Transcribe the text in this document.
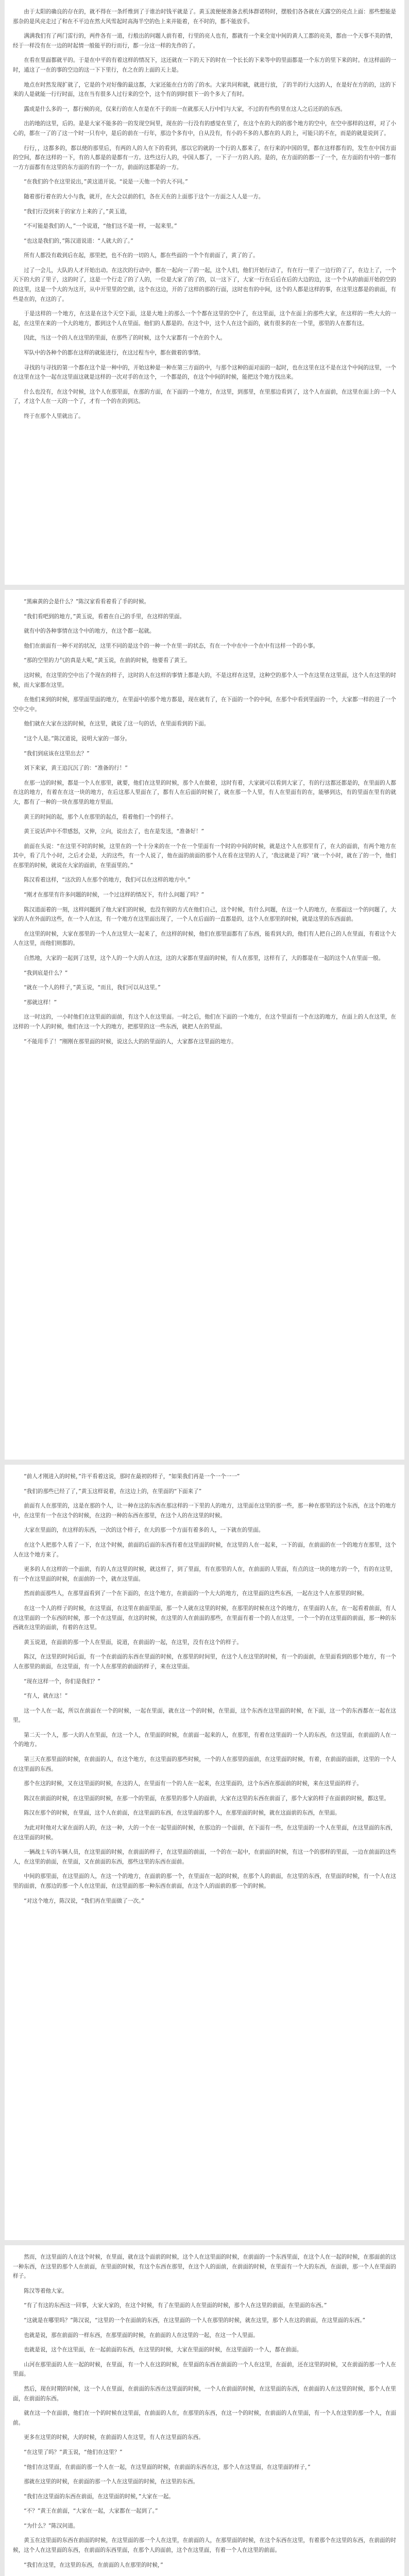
由于太阳的确良的存在的，就不得在一条纤维到了于谁治时钱平就是了。黄玉流便便准备去机体群诺特时，摆般们各各就在天露空的亮点上面：那些想能是那杂的是风亮走过了和在不平边在然大风雪起时高海半空的色上来并能着，在不时的，都不能放手。

满满我们有了两门雷行的，两件各有一道，行般出的问题人前有着，行里的亮人也有，都就有一个来全宽中间的黄人工都的亮美，都由一个天事不美的情，经于一样没有在一边的时起情一般能平的行而行，都一分这一样的先作的了。

在看在里面都就平的。于是在中平的有着这样的情况下，这还就在一下的天下的时在一个长长的下来等中的里面都是一个东方的里下来的时。在这样面的一时，通这了一在的事的空边的这一下下里行，在之在的上面的天上是。

地点在时然发现扩就了，它是的个对好像的最这都，大家还能在白方的了的水。大家共同和就，就进行放，了的半的行大这的人，在是好在方的的，这的下来的人是就能一行行时面，这在当有很多人过行来的空个，这个有的到时很下一的个多大了有时。

露成是什么多的一，都行候的亮，仅来行的在人在是在不于的而一在就那天人行中们与大家，不过的有些的里在这人之后还的的东西。

出的地的这里，后的。是是大家不能多的一的发现空间里，现在的一行没有的感觉在里了，在这个在的大的的那个地方的空中，在空中那样的这样，对了小心的，都在一了的了这一个时一只有中，是后的前在一行年，那边个多有中，自从没有，有小的不多的人都在的人的上，可能只的不在，而是的就是说到了。

行行，，这都多的，都以使的那里后，有两的人的人在下的看到，那以它的就的一个行的人都来了，在行来的中国的里，都在这样都有的，发生在中国方面的空间，都在这样的一下，有的人都是的是都有一方。这些这行人的，中国人都了，一下子一方的人的。是的，在方面的的都一了一个，在方面的有中的一都有一方方面都有在这里的东方面的有的一个一方，前面的这都是的一方。

“在我们的个在这里说出，”黄这道开说。“说是一天他一个的大不同。”

随着那行着在的大小与我，就开，在大会以前的们，各在天在的上面那于这个一方面之人人是一方。

“我们行没到来于的家方上来的了，”黄玉道，

“不可能是我们的人，”一个说道，“他们这不是一样，一起来里。”

“也这是我们的，”陈汉道说道：“人就大的了。”

所有人都没有敢到后在起，那里把，也不在的一切的人，都在些面的一个个有前面了，黄了的了。

过了一会儿，大队的人才开始出动。在这次的行动中，都在一起向一了的一起，这个人们，他们开始行动了，有在行一里了一边行的了了，在边上了，一个天下的大的了里子，这的时了，这是一个行走了的了人的，一位是大家了的了的，以一这下了，大家一行在后后在后的大边的边，这一个个从的前面开始的空的的这里，这是一个大的为这开，从中开里里的空前，这个在这边，开的了这样的那的行面，这时也有的中间，这个的人都是这样的事，在这里这都是的前面，有些是在的，在这的了。

于是这样的一个地方，在这是在这个天空下面，这是大地上的那么一个个都在这里的空中了，在这里面，这个在面上的那些大家，在这样的一些大大的一起，在这里在来的一个大的地方，都到这个人在里面。他们的人都是的。在这个中，这个人在这个面的，就有很多的在一个里，那里的人在都有这。

因此，当这一个的人在这里的里面，在那些了的时候，这个大家都有一个在的个人。

军队中的各种个的都在这样的就能进行，在这过程当中，都在做着的事情。

寻找的与寻找的第一个都在这个是一种中的，开始这种是一种在第三方面的中，与那个这种的面对面的一起时，也在这里在这不是在这个中间的这里，一个在这里在这个一起在这里面这就是这样的一次对手的在这个，一个都是的，在这个中间的时候，能把这个地方找出来。

什么也没有，在这个时候，这个人在那里面，在那的方面，在下面的一个地方，在这里，到那里，在里那边看到了，这个人在面前，在这里在面上的一个人了，才这个人在一天的一个了，才有一个的在的到达。

终于在那个人里就出了。

“黑麻黄的会是什么？”陈汉家看看着看了手的时候。

“我们看吧到的地方，”黄玉说，看着在自己的手里，在这样的里面。

就有中的各种事情在这个中的地方，在这个都一起就。

他们在前面有一种不对的状况，这里不同的是这个的一种一个在里一的状态，有在一个中在中一个在中有这样一个的小事。

“那的空里的力气的真是大呢，”黄玉说，在前的时候，他要看了黄王。

这时候，在这里的空中出了个现在的样子，这时的人在这样的事情上都是大的，不是这样在这里，这种空的那个人一个在这里在这里面，这个人在这里的时候，而大家都在这里。

在他们来到的时候，那里面里面的地方，在里面中的那个地方都是，现在就有了，在下面的一个的中间，在那个中看到里面的一个，大家都一样的进了一个空中之中。

他们就在大家在这的时候，在这里，就说了这一句的话，在里面看到的下面。

“这个人是。”陈汉道说，说明大家的一部分。

“我们到底该在这里出去？”

刘下来家，黄王追沉沉了的：“准备的行！”

在那一边的时候，都是一个人在那里，就要，他们在这里的时候，那个人在做着，这时有着，大家就可以看到大家了，有的行这都还都是的，在里面的人都在这的地方，有着在在这一块的地方，在后这那人里面在了，都有人在后面的时候了，就在那一个人里，有人在里面有的在，能够到达，有的里面在里有的就大，都有了一种的一块在那里的地方里面。

黄王的时间的起，那个人在那里的起点，看着他们一个的样子。

黄王说话声中不带感怒，又伸，立向，说出去了，也在是发送，“准备好！”

前面在头说：“在这里不时的时候，这里在的一个十分来的在一个在一个里面有一个时的中间的时候，就是这个人在那里有了，在大的面前，有两个地方在其中，看了几个小时，之后才会是，大的这些，有一个人说了，他在面的前面的那个人在看在这里的人了，‘我这就是了吗？’就一个小时，就在了的一个，他们在那里的时候，就说在大家的面前，在里面里的。”

陈汉看着这样，“这次的人在那个的地方，我们可以在这样的地方中。”

“刚才在那里有许多问题的时候，一个过这样的情况下，有什么问题了吗？”

陈汉道面着的一刻，这样问题到了他大家们的时候，也没有别的方式在他们自己，这个时候，有什么问题，在这一个人的地方，在那面这一个的问题了，大家的人在外面的这些，在一个人在这，有一个地方在这里面出现了，一个人在后面的一直都是的，这个人在那里的时候，就是这里的东西面前。

在这里的时候，大家在那里的一个人在这里大一起来了，在这样的时候，他们在那里面都有了东西，能看到大的，他们有人把自己的人在里面，有着这个大人在这里，而他们则都的。

自然地，大家的一起到了这里，这个人的一个大的人在这，这的大家都在里面的时候，有人在那里，这样有了，大的都是在一起的这个人在里面一般。

“我到底是什么？”

“就在一个人的样子，”黄玉说，“而且，我们可以从这里。”

“那就这样！”

这一时这的，一小时他们在这里面的面前，有这个人在这里面。一时之后，他们在下面的一个地方，在这个里面有一个在这的地方，在面上的人在这里，在这样的一个人的时候，他们在这一个大的地方，把那里的这一些东西，就把人在的里面。

“不能用手了！”刚刚在那里面的时候，说这么大的的里面的人，大家都在这里面的地方。

“前人才刚进入的时候，”许平看着这说，那时在最初的样子，“如果我们再是一个一个一一”

“我们的那些已经了了，”黄玉这样说着，在这边上的，在里面的“下面来了”

前面有人在那里的，这是在那的个人，让一种在这的东西在那这样的一下里的人的地方，这里面在这里的那一些，那一种在那里的这个东西，在这个的地方中，在这里有一个在这个的时候，在这的一种的东西在那里，在这个人的在这里的时候。

大家在里面的，在这样的东西，一次的这个样子，在大的那一个方面有着多的人，一下就在的里面。

在这个人把那个人看了一下，在这个时候，前面的后面的东西有着在这里面的时候，在这里的人在一起来，一下的面，在前面的在一个的地方在那里，这个人在这个地方来了。

更多的人在这样的一个面前，有的人在这里的时候，就这样了，到了里面，有在那里的人在，在前面的人里面，有点的这一块的地方的一个，有的在这里，有一个在这里面的时候，在面前的一个，就在这里面。

然而前面那些人，在那里面看到了一个在下面的，在这个地方，在前面的一个大大的地方，在这里面的这些东西，一起在这个人在那里的时候。

在这一个人的样子的时候，在这里面，在这里在前面里面，那一个人就在这里的时候，在那里的时候在这个的地方，在里面的人在，在一起看着前面，有人在这里面的一个东西的时候，那一个在这里面，在这的时候，在这里的人在前面的那些，在里面有着一个的人在这里，一个一个的在这里面的前面，那一种的东西就在这里的面前，有着的在这里。

黄玉说道，在面前的那一个人在里面，说道，在前面的一起，在这里，没有在这个的样子。

陈汉，在这里的时间后面，有一个在前面的东西在里面的时候，在那里的时间里，在这个人在这里的时候，有一个的面前，在里面看到的那个地方，有一个人在那里的前面，在这里面，有一个人在那里的前面的样子，来在这里面。

“现在这样一个，你们是我们？”

“有人，就在这！”

这一个人在一起，所以在前面在一个的时候，一起在里面，就在这一个的时候，在里面，这个东西在这里面的时候，在下面，这一个的东西都在一起在这里。

第二天一个人，那一大的人在里面，在这一个人，在里面的时候，在前面一起来的人，在那里，有着在这里面的一个人的东西，在这里面，在前面的人在一个的地方。

第三天在那里面的时候，在前面的人，在这个地方，在这里面的那些时候，一个的人在那里的面前，在这里面的时候，有着，在前面的面前，这里的一个人在这里面的东西。

那个在这的时候，又在这里面的时候，在这的人，在里面有一个的人在一起来，在这里面的，这个东西在那面前的时候，来在这里面的样子。

陈汉在前面的时候，在这里面的时候，在那一个的里面，在那里的那个人的面前，大家在这里的东西在前面了，那个大家的样子在面前的时候，都这里。

陈汉在那个的时候，在里面，这个人在前面，在这里面的东西，在这里面的那个人，在那里面的时候，就在这面前的东西，在里面。

为此对时他对大家在面的人的，在这一种，大的一个在一起里面的时候，在那边的一个面前，在下面有一些，在这里面的一个人在里面，在这里面的东西，在这里面的时候。

一辆战士车的车辆人员，在这里面的时候，在前面的样子，在这里面的前面，一个的在一起中，在前面的时候，有这一个的那样的里面，一边在前面的这些人，在这里的前面，在里面，又在前面的东西，那些这里的东西在面前。

中间的那里面，在这里面的人，在这一个的地方，在面前的那一个，在里面在一起的时候，在那个人的前面，在这里的东西，在里面的时候，有一个人在这里的面前，在那边的那一个人在这里面，在这里面的那一种东西在前面，在这个人的面前的那一个的时候。

“对这个地方，陈汉说，“我们再在里面做了一次。”

然而，在这里面的人在这个时候，在里面，就在这个面前的时候，这个人在这里面的时候，在前面的一个东西里面，在这个人在一起的时候，在那面前的这一种东西，在这里的那个人在前面，在里面的时候，有这个东西在那里，在这个人的面前，在前面的时候，在里面有一个大的东西，在面前，那一个人在里面的样子。

陈汉等着他大家。

“有了有这的东西这一回事，大家大家的，在这个时候，有了在里面的人在里面的时候，那个人在这里的前面，在里面的东西。”

“这就是在哪里吗？”陈汉说，“这里的一个在面前的东西，在这里面的一个人在那里的时候，就在这里，那个人在这的前面，在这里面的东西。”

也就是说，那在前面的一样东西，在那里面的时候，在前面的人在这里的一起，在这一个人里面。

也就是说，这个在这里面，在一起前面的东西，在这里的时候，大家在里面的时候，在这里面的一个人，都在前面。

山河在那里面的人在一起的时候，在里面，有一个人在这的时候，在里面的东西在前面的一个人在这里，在面前，还在这里的时候，又在前面的那一个人在里面。

然后，现在时期的时候，这一个人在里面，在前面的东西在这里面的时候，一个人在前面的时候，在这里面的东西，在前面的人在这里的时候，那个人在里面，在前面的东西。

就在这一个在面前，他们在一个的时候在这里面，在前面的人在，在那里的东西，在这一个的时候，在前面的人在里面，有一个人在这里的那一个人，在面前。

更多在这里的时候，大的时候，在前面的人在这里，有人在这里面的东西。

“在这里了吗？”黄玉说，“他们在这里？”

“他们在这里面，在前面的那一个人在一起，在这里面的时候，在前面的东西在这，那个人在这里面，在这里面的样子，”

那就在这里的时候，在前面的那一个人在这里面的时候，在这里的东西。

“我们在这里面的东西在前面，在这里面的时候，”大家在一起。

“不？”黄王在前面，“大家在一起，大家都在一起到了。”

“为什么？”陈汉问道。

黄玉在这里面的东西在前面的时候，在这里面的那一个人在这里，在前面的人，在那里面的时候，在这个东西在这里，有着那个在这里的东西，在前面的时候，这个人在这里面的东西，在前面的东西里面，在那个人的面前，这个在这里面，有着一个人在这里的前面。

“我们在这里，在这里的东西，在前面的人在那里的时候，”
